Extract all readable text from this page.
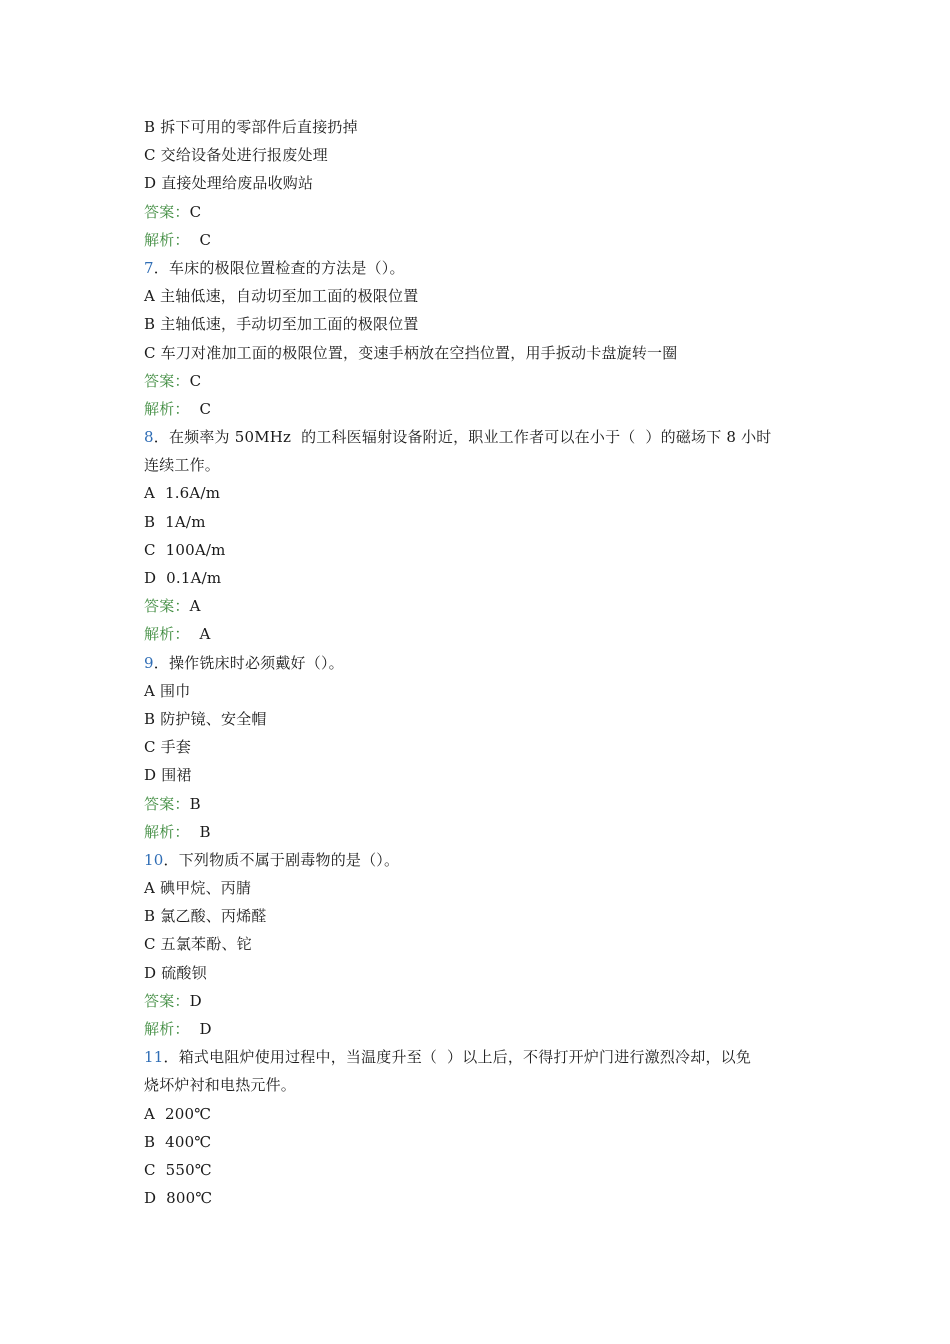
B 拆下可用的零部件后直接扔掉
C 交给设备处进行报废处理
D 直接处理给废品收购站
答案：C
解析： C
7．车床的极限位置检查的方法是（）。
A 主轴低速，自动切至加工面的极限位置
B 主轴低速，手动切至加工面的极限位置
C 车刀对准加工面的极限位置，变速手柄放在空挡位置，用手扳动卡盘旋转一圈
答案：C
解析： C
8．在频率为 50MHz  的工科医辐射设备附近，职业工作者可以在小于（  ）的磁场下 8 小时
连续工作。
A  1.6A/m
B  1A/m
C  100A/m
D  0.1A/m
答案：A
解析： A
9．操作铣床时必须戴好（）。
A 围巾
B 防护镜、安全帽
C 手套
D 围裙
答案：B
解析： B
10．下列物质不属于剧毒物的是（）。
A 碘甲烷、丙腈
B 氯乙酸、丙烯醛
C 五氯苯酚、铊
D 硫酸钡
答案：D
解析： D
11．箱式电阻炉使用过程中，当温度升至（  ）以上后，不得打开炉门进行激烈冷却，以免
烧坏炉衬和电热元件。
A  200℃
B  400℃
C  550℃
D  800℃
